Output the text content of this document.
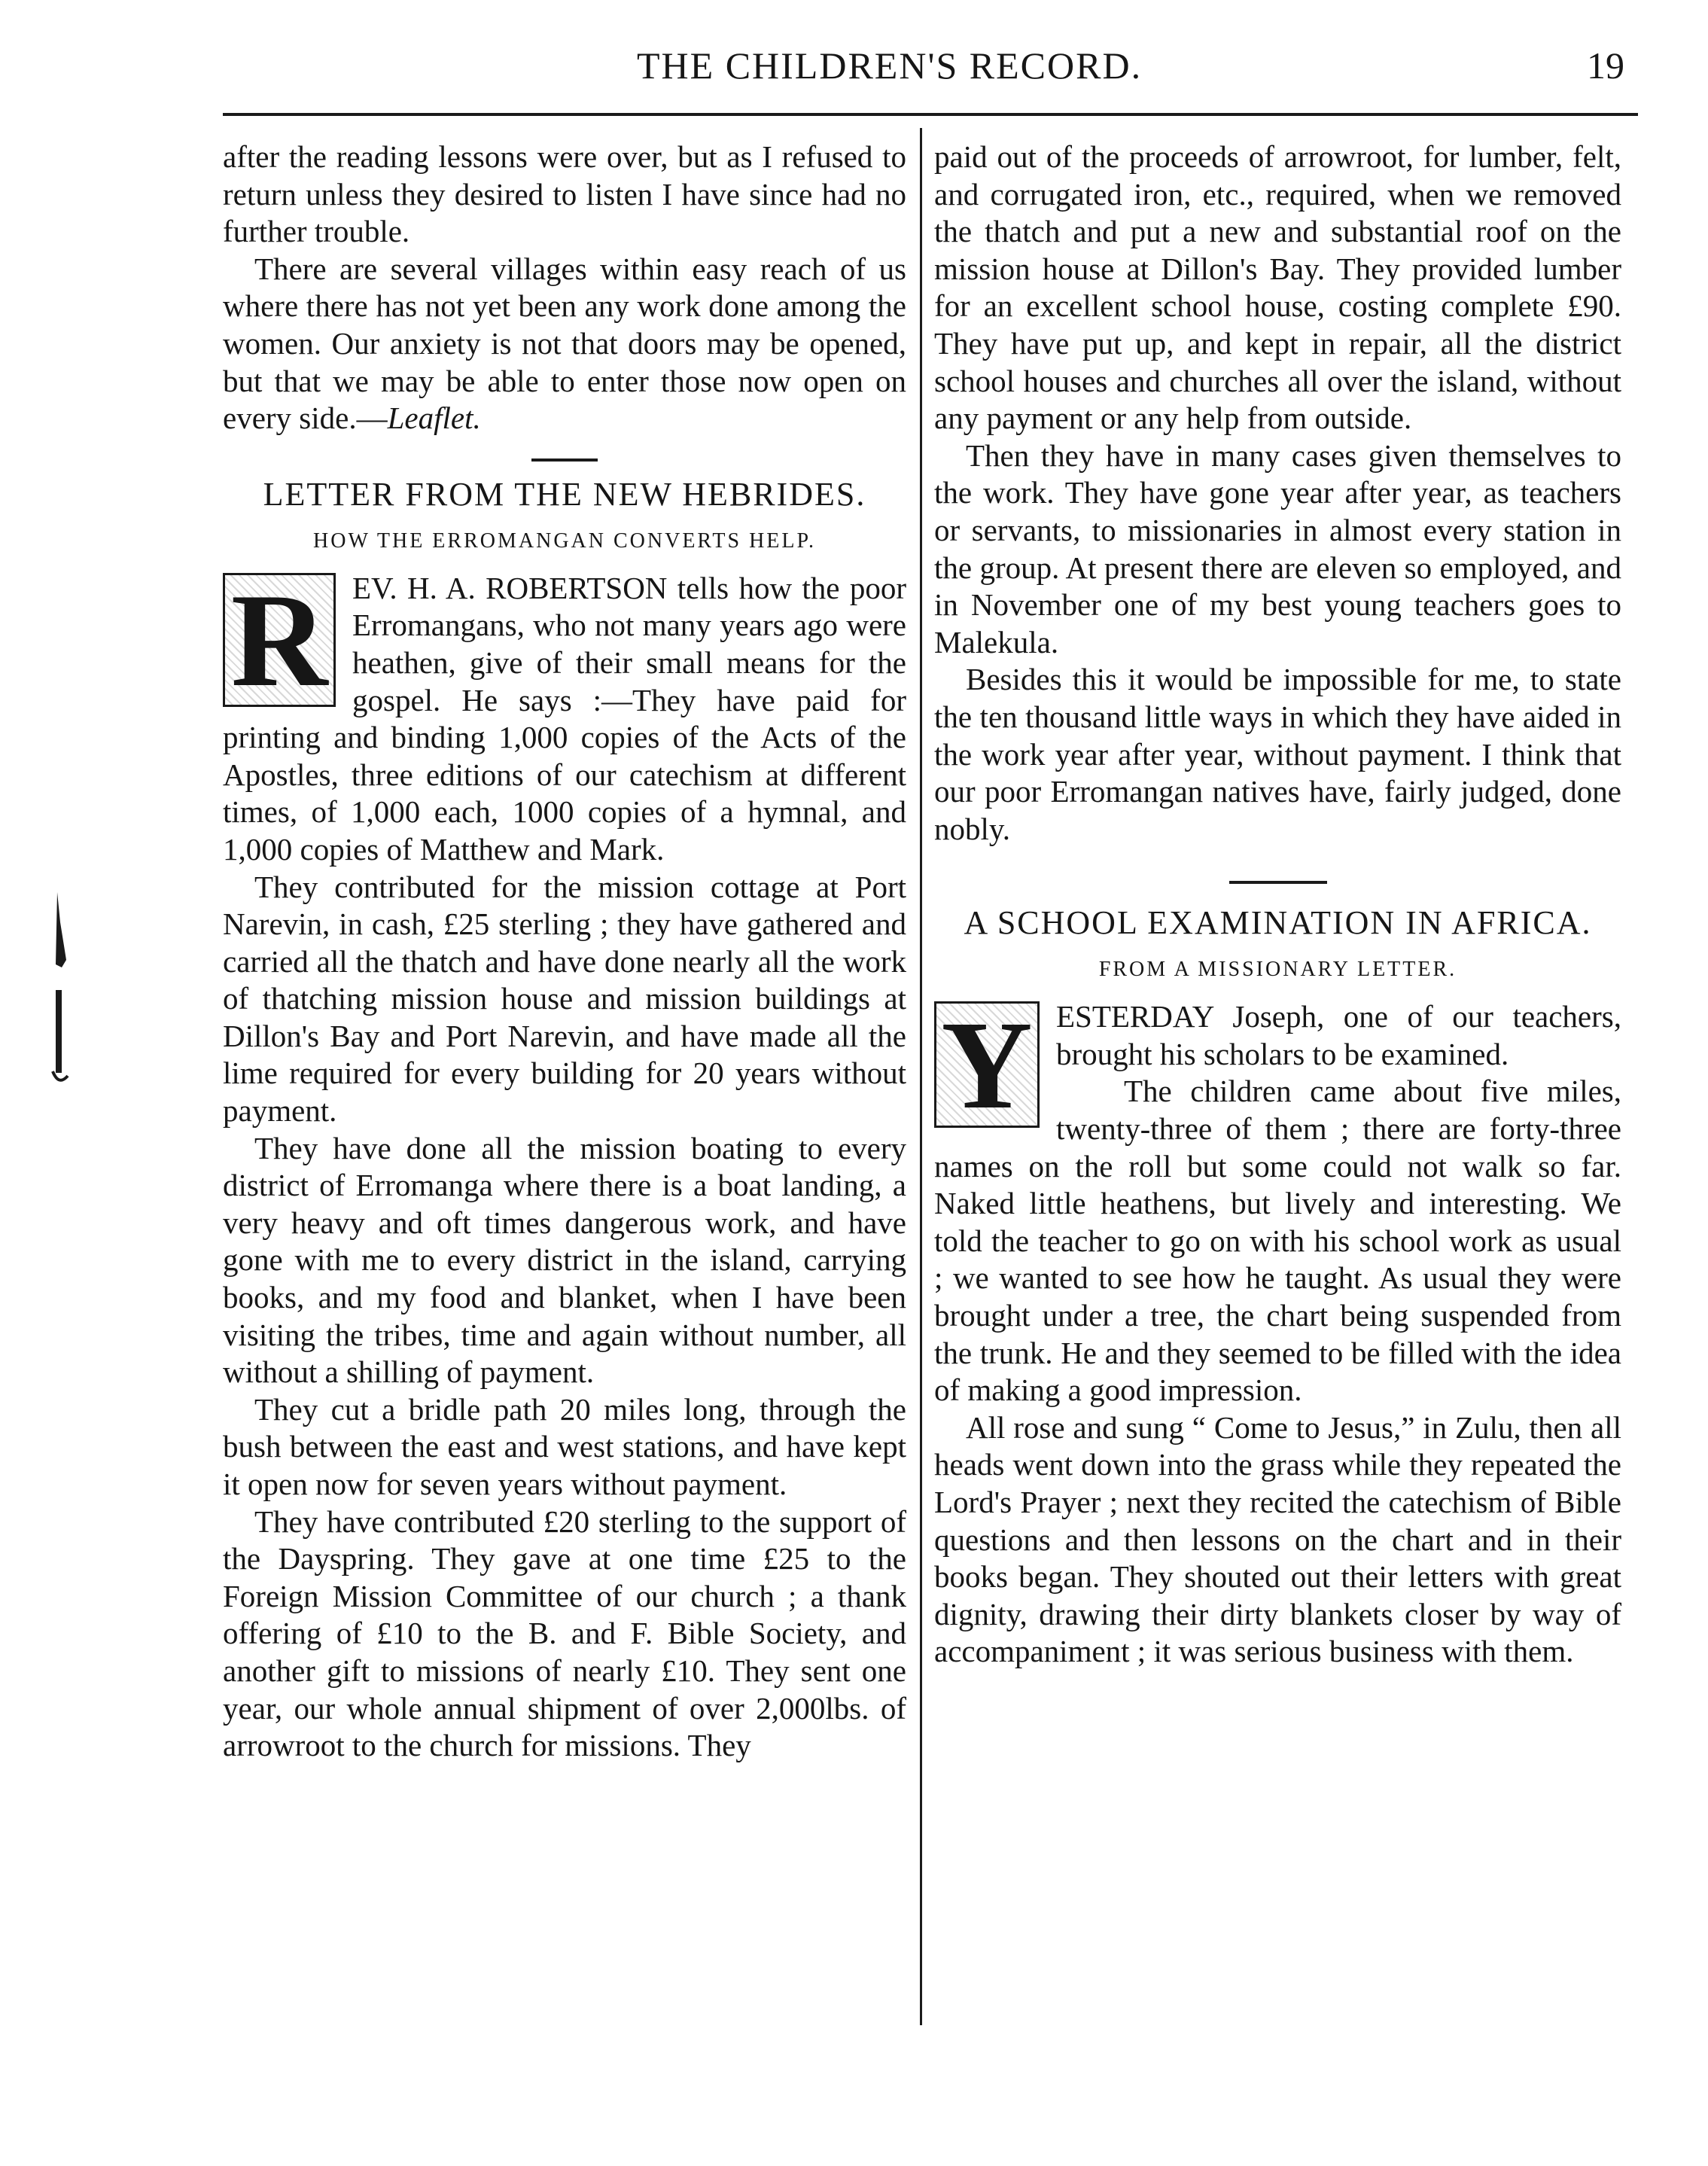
THE CHILDREN'S RECORD.	19

after the reading lessons were over, but as I refused to return unless they desired to listen I have since had no further trouble.

There are several villages within easy reach of us where there has not yet been any work done among the women. Our anxiety is not that doors may be opened, but that we may be able to enter those now open on every side.—Leaflet.

LETTER FROM THE NEW HEBRIDES.
HOW THE ERROMANGAN CONVERTS HELP.

R EV. H. A. ROBERTSON tells how the poor Erromangans, who not many years ago were heathen, give of their small means for the gospel. He says :—They have paid for printing and binding 1,000 copies of the Acts of the Apostles, three editions of our catechism at different times, of 1,000 each, 1000 copies of a hymnal, and 1,000 copies of Matthew and Mark.

They contributed for the mission cottage at Port Narevin, in cash, £25 sterling ; they have gathered and carried all the thatch and have done nearly all the work of thatching mission house and mission buildings at Dillon's Bay and Port Narevin, and have made all the lime required for every building for 20 years without payment.

They have done all the mission boating to every district of Erromanga where there is a boat landing, a very heavy and oft times dangerous work, and have gone with me to every district in the island, carrying books, and my food and blanket, when I have been visiting the tribes, time and again without number, all without a shilling of payment.

They cut a bridle path 20 miles long, through the bush between the east and west stations, and have kept it open now for seven years without payment.

They have contributed £20 sterling to the support of the Dayspring. They gave at one time £25 to the Foreign Mission Committee of our church ; a thank offering of £10 to the B. and F. Bible Society, and another gift to missions of nearly £10. They sent one year, our whole annual shipment of over 2,000lbs. of arrowroot to the church for missions. They

paid out of the proceeds of arrowroot, for lumber, felt, and corrugated iron, etc., required, when we removed the thatch and put a new and substantial roof on the mission house at Dillon's Bay. They provided lumber for an excellent school house, costing complete £90. They have put up, and kept in repair, all the district school houses and churches all over the island, without any payment or any help from outside.

Then they have in many cases given themselves to the work. They have gone year after year, as teachers or servants, to missionaries in almost every station in the group. At present there are eleven so employed, and in November one of my best young teachers goes to Malekula.

Besides this it would be impossible for me, to state the ten thousand little ways in which they have aided in the work year after year, without payment. I think that our poor Erromangan natives have, fairly judged, done nobly.

A SCHOOL EXAMINATION IN AFRICA.
FROM A MISSIONARY LETTER.

Y ESTERDAY Joseph, one of our teachers, brought his scholars to be examined.
The children came about five miles, twenty-three of them ; there are forty-three names on the roll but some could not walk so far. Naked little heathens, but lively and interesting. We told the teacher to go on with his school work as usual ; we wanted to see how he taught. As usual they were brought under a tree, the chart being suspended from the trunk. He and they seemed to be filled with the idea of making a good impression.

All rose and sung “ Come to Jesus,” in Zulu, then all heads went down into the grass while they repeated the Lord's Prayer ; next they recited the catechism of Bible questions and then lessons on the chart and in their books began. They shouted out their letters with great dignity, drawing their dirty blankets closer by way of accompaniment ; it was serious business with them.
